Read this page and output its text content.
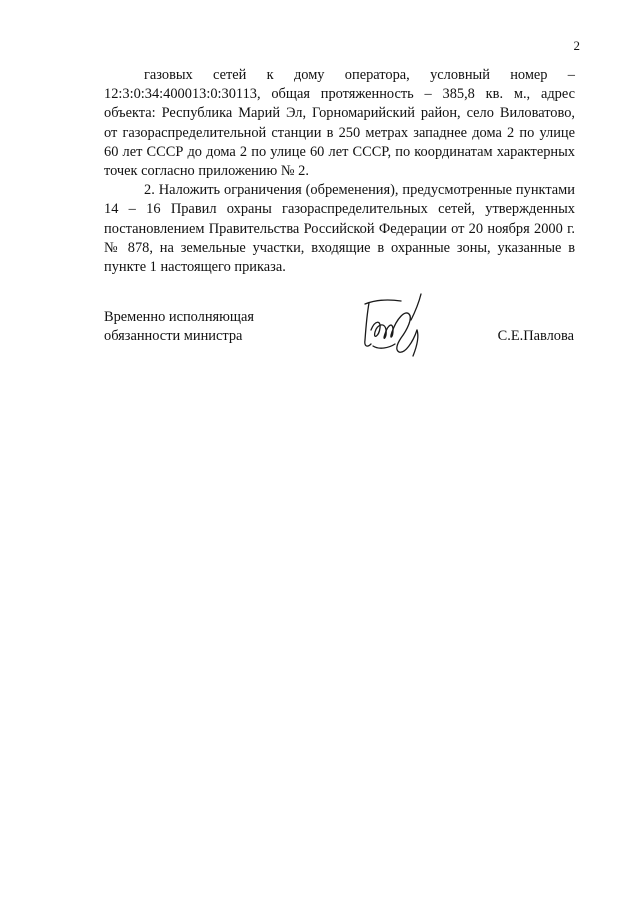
2

газовых сетей к дому оператора, условный номер – 12:3:0:34:400013:0:30113, общая протяженность – 385,8 кв. м., адрес объекта: Республика Марий Эл, Горномарийский район, село Виловатово, от газораспределительной станции в 250 метрах западнее дома 2 по улице 60 лет СССР до дома 2 по улице 60 лет СССР, по координатам характерных точек согласно приложению № 2.

2. Наложить ограничения (обременения), предусмотренные пунктами 14 – 16 Правил охраны газораспределительных сетей, утвержденных постановлением Правительства Российской Федерации от 20 ноября 2000 г. № 878, на земельные участки, входящие в охранные зоны, указанные в пункте 1 настоящего приказа.

Временно исполняющая
обязанности министра	С.Е.Павлова
